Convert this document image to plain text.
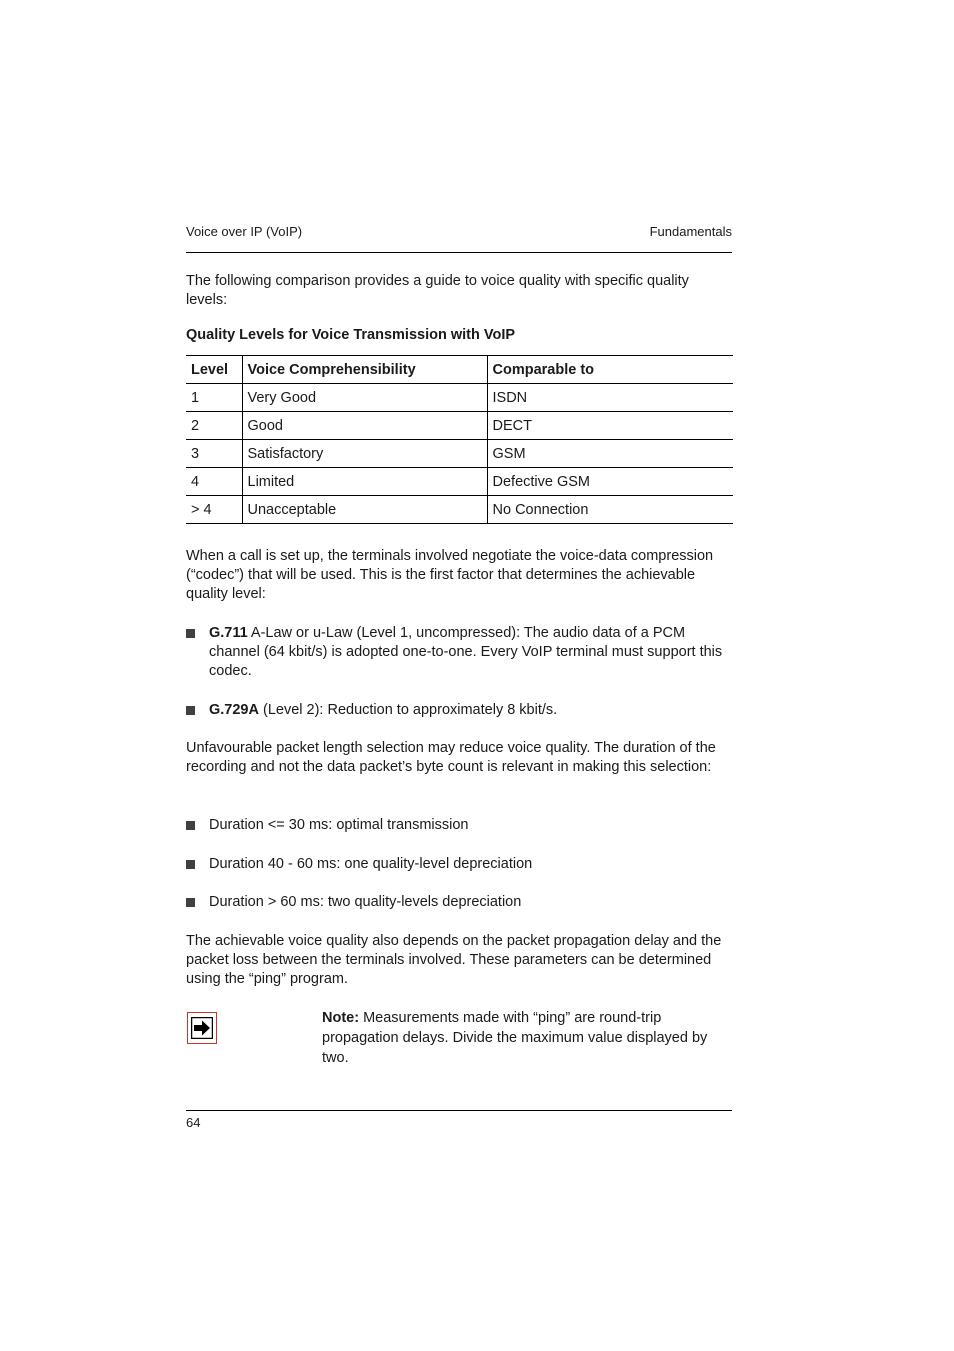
Voice over IP (VoIP)	Fundamentals
The following comparison provides a guide to voice quality with specific quality levels:
Quality Levels for Voice Transmission with VoIP
Level	Voice Comprehensibility	Comparable to
1	Very Good	ISDN
2	Good	DECT
3	Satisfactory	GSM
4	Limited	Defective GSM
> 4	Unacceptable	No Connection
When a call is set up, the terminals involved negotiate the voice-data compression (“codec”) that will be used. This is the first factor that determines the achievable quality level:
G.711 A-Law or u-Law (Level 1, uncompressed): The audio data of a PCM channel (64 kbit/s) is adopted one-to-one. Every VoIP terminal must support this codec.
G.729A (Level 2): Reduction to approximately 8 kbit/s.
Unfavourable packet length selection may reduce voice quality. The duration of the recording and not the data packet’s byte count is relevant in making this selection:
Duration <= 30 ms: optimal transmission
Duration 40 - 60 ms: one quality-level depreciation
Duration > 60 ms: two quality-levels depreciation
The achievable voice quality also depends on the packet propagation delay and the packet loss between the terminals involved. These parameters can be determined using the “ping” program.
Note: Measurements made with “ping” are round-trip propagation delays. Divide the maximum value displayed by two.
64
